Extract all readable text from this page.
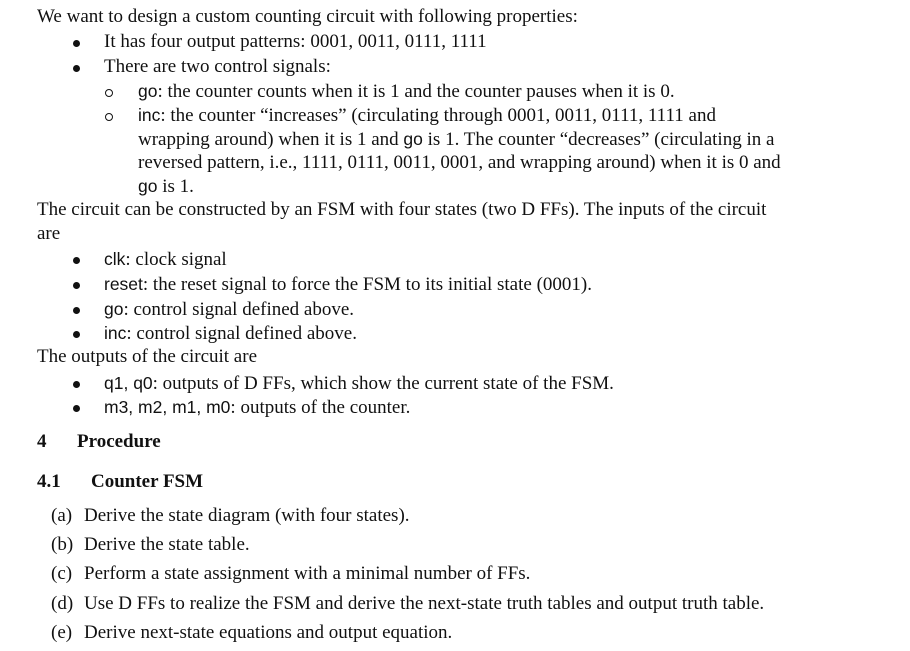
We want to design a custom counting circuit with following properties:
It has four output patterns: 0001, 0011, 0111, 1111
There are two control signals:
go: the counter counts when it is 1 and the counter pauses when it is 0.
inc: the counter “increases” (circulating through 0001, 0011, 0111, 1111 and
wrapping around) when it is 1 and go is 1. The counter “decreases” (circulating in a
reversed pattern, i.e., 1111, 0111, 0011, 0001, and wrapping around) when it is 0 and
go is 1.
The circuit can be constructed by an FSM with four states (two D FFs). The inputs of the circuit
are
clk: clock signal
reset: the reset signal to force the FSM to its initial state (0001).
go: control signal defined above.
inc: control signal defined above.
The outputs of the circuit are
q1, q0: outputs of D FFs, which show the current state of the FSM.
m3, m2, m1, m0: outputs of the counter.
4 Procedure
4.1 Counter FSM
(a) Derive the state diagram (with four states).
(b) Derive the state table.
(c) Perform a state assignment with a minimal number of FFs.
(d) Use D FFs to realize the FSM and derive the next-state truth tables and output truth table.
(e) Derive next-state equations and output equation.
